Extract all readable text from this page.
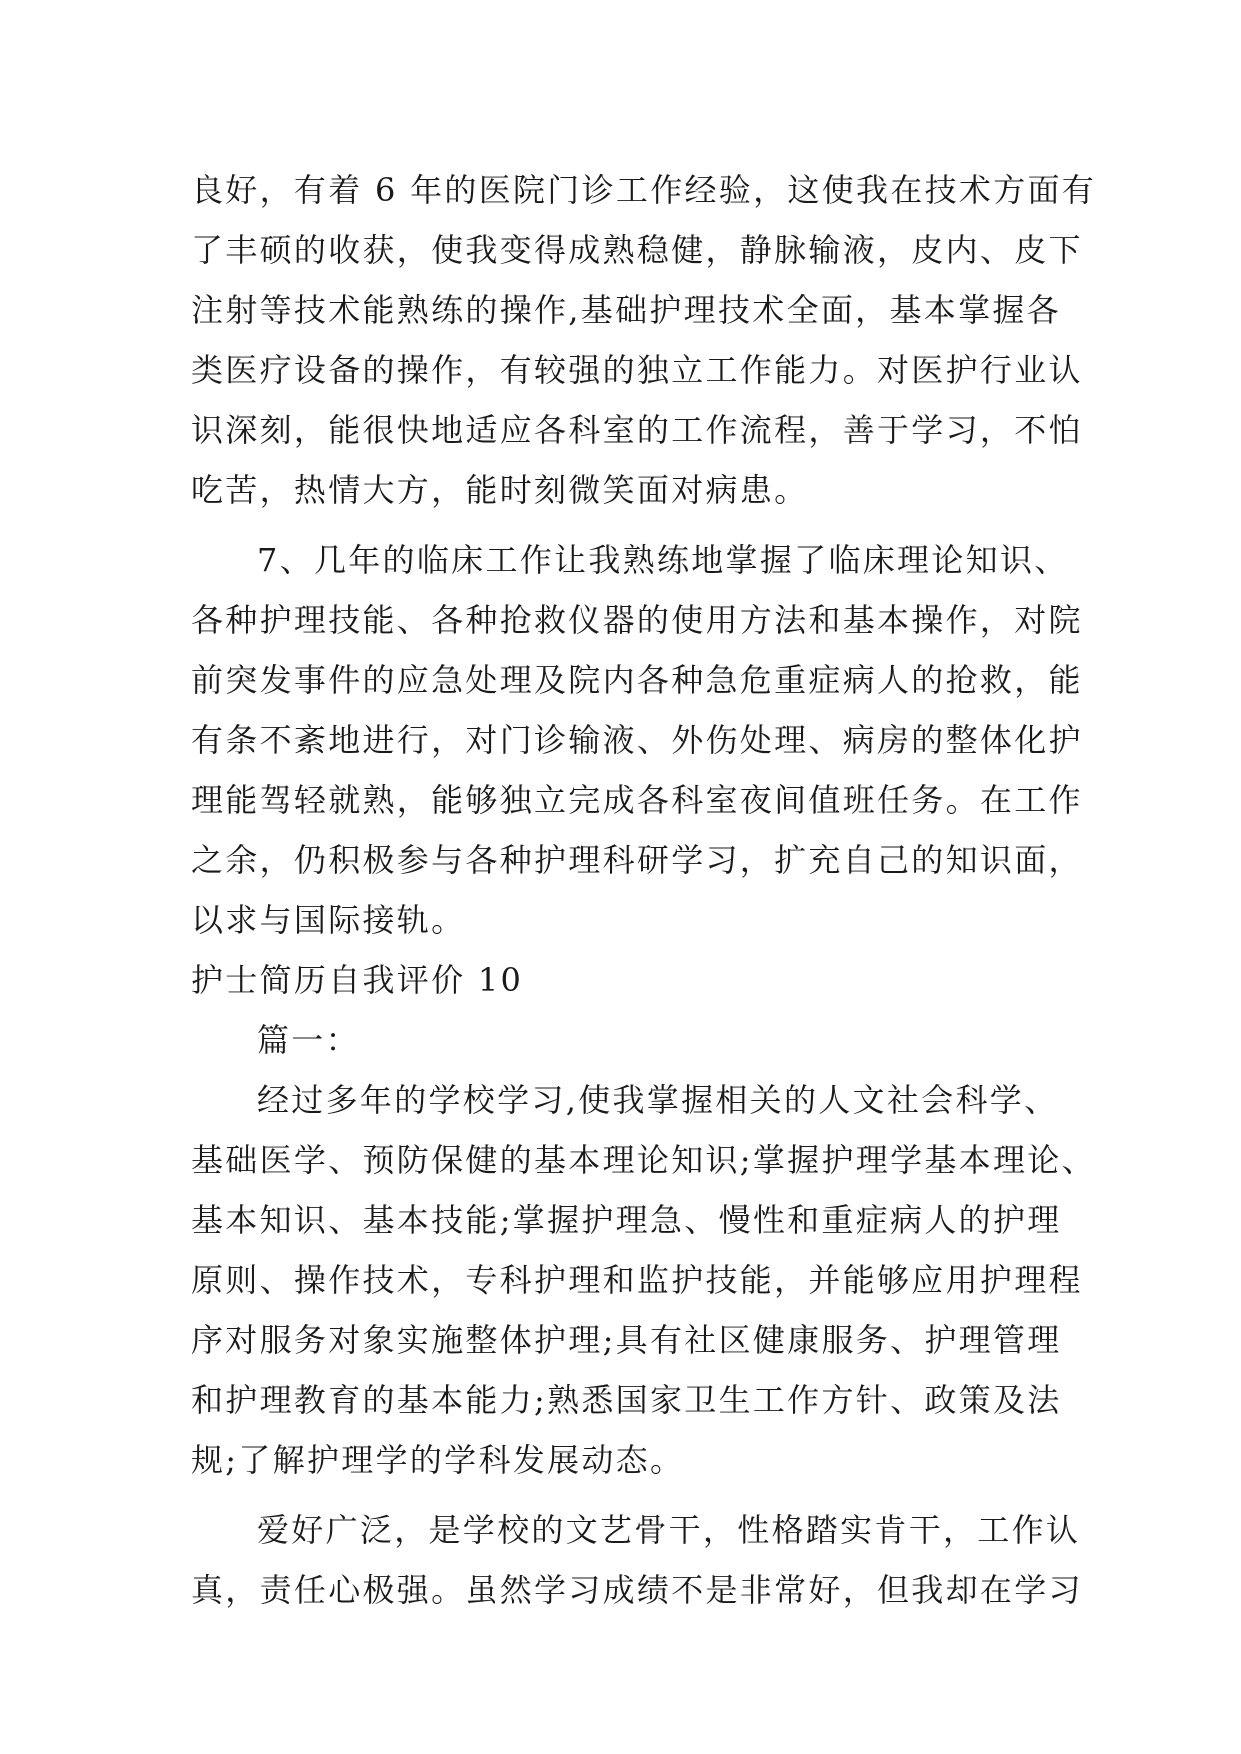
良好，有着 6 年的医院门诊工作经验，这使我在技术方面有
了丰硕的收获，使我变得成熟稳健，静脉输液，皮内、皮下
注射等技术能熟练的操作,基础护理技术全面，基本掌握各
类医疗设备的操作，有较强的独立工作能力。对医护行业认
识深刻，能很快地适应各科室的工作流程，善于学习，不怕
吃苦，热情大方，能时刻微笑面对病患。
7、几年的临床工作让我熟练地掌握了临床理论知识、
各种护理技能、各种抢救仪器的使用方法和基本操作，对院
前突发事件的应急处理及院内各种急危重症病人的抢救，能
有条不紊地进行，对门诊输液、外伤处理、病房的整体化护
理能驾轻就熟，能够独立完成各科室夜间值班任务。在工作
之余，仍积极参与各种护理科研学习，扩充自己的知识面，
以求与国际接轨。
护士简历自我评价 10
篇一：
经过多年的学校学习,使我掌握相关的人文社会科学、
基础医学、预防保健的基本理论知识;掌握护理学基本理论、
基本知识、基本技能;掌握护理急、慢性和重症病人的护理
原则、操作技术，专科护理和监护技能，并能够应用护理程
序对服务对象实施整体护理;具有社区健康服务、护理管理
和护理教育的基本能力;熟悉国家卫生工作方针、政策及法
规;了解护理学的学科发展动态。
爱好广泛，是学校的文艺骨干，性格踏实肯干，工作认
真，责任心极强。虽然学习成绩不是非常好，但我却在学习
